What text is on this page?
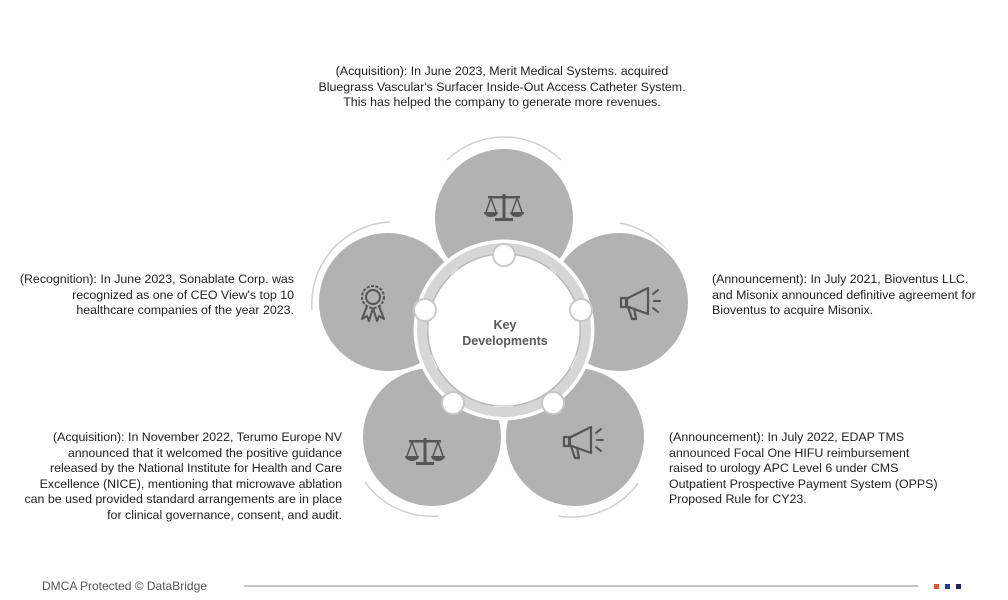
Key
Developments
(Acquisition): In June 2023, Merit Medical Systems. acquired
Bluegrass Vascular's Surfacer Inside-Out Access Catheter System.
This has helped the company to generate more revenues.
(Recognition): In June 2023, Sonablate Corp. was
recognized as one of CEO View's top 10
healthcare companies of the year 2023.
(Announcement): In July 2021, Bioventus LLC.
and Misonix announced definitive agreement for
Bioventus to acquire Misonix.
(Acquisition): In November 2022, Terumo Europe NV
announced that it welcomed the positive guidance
released by the National Institute for Health and Care
Excellence (NICE), mentioning that microwave ablation
can be used provided standard arrangements are in place
for clinical governance, consent, and audit.
(Announcement): In July 2022, EDAP TMS
announced Focal One HIFU reimbursement
raised to urology APC Level 6 under CMS
Outpatient Prospective Payment System (OPPS)
Proposed Rule for CY23.
DMCA Protected © DataBridge
